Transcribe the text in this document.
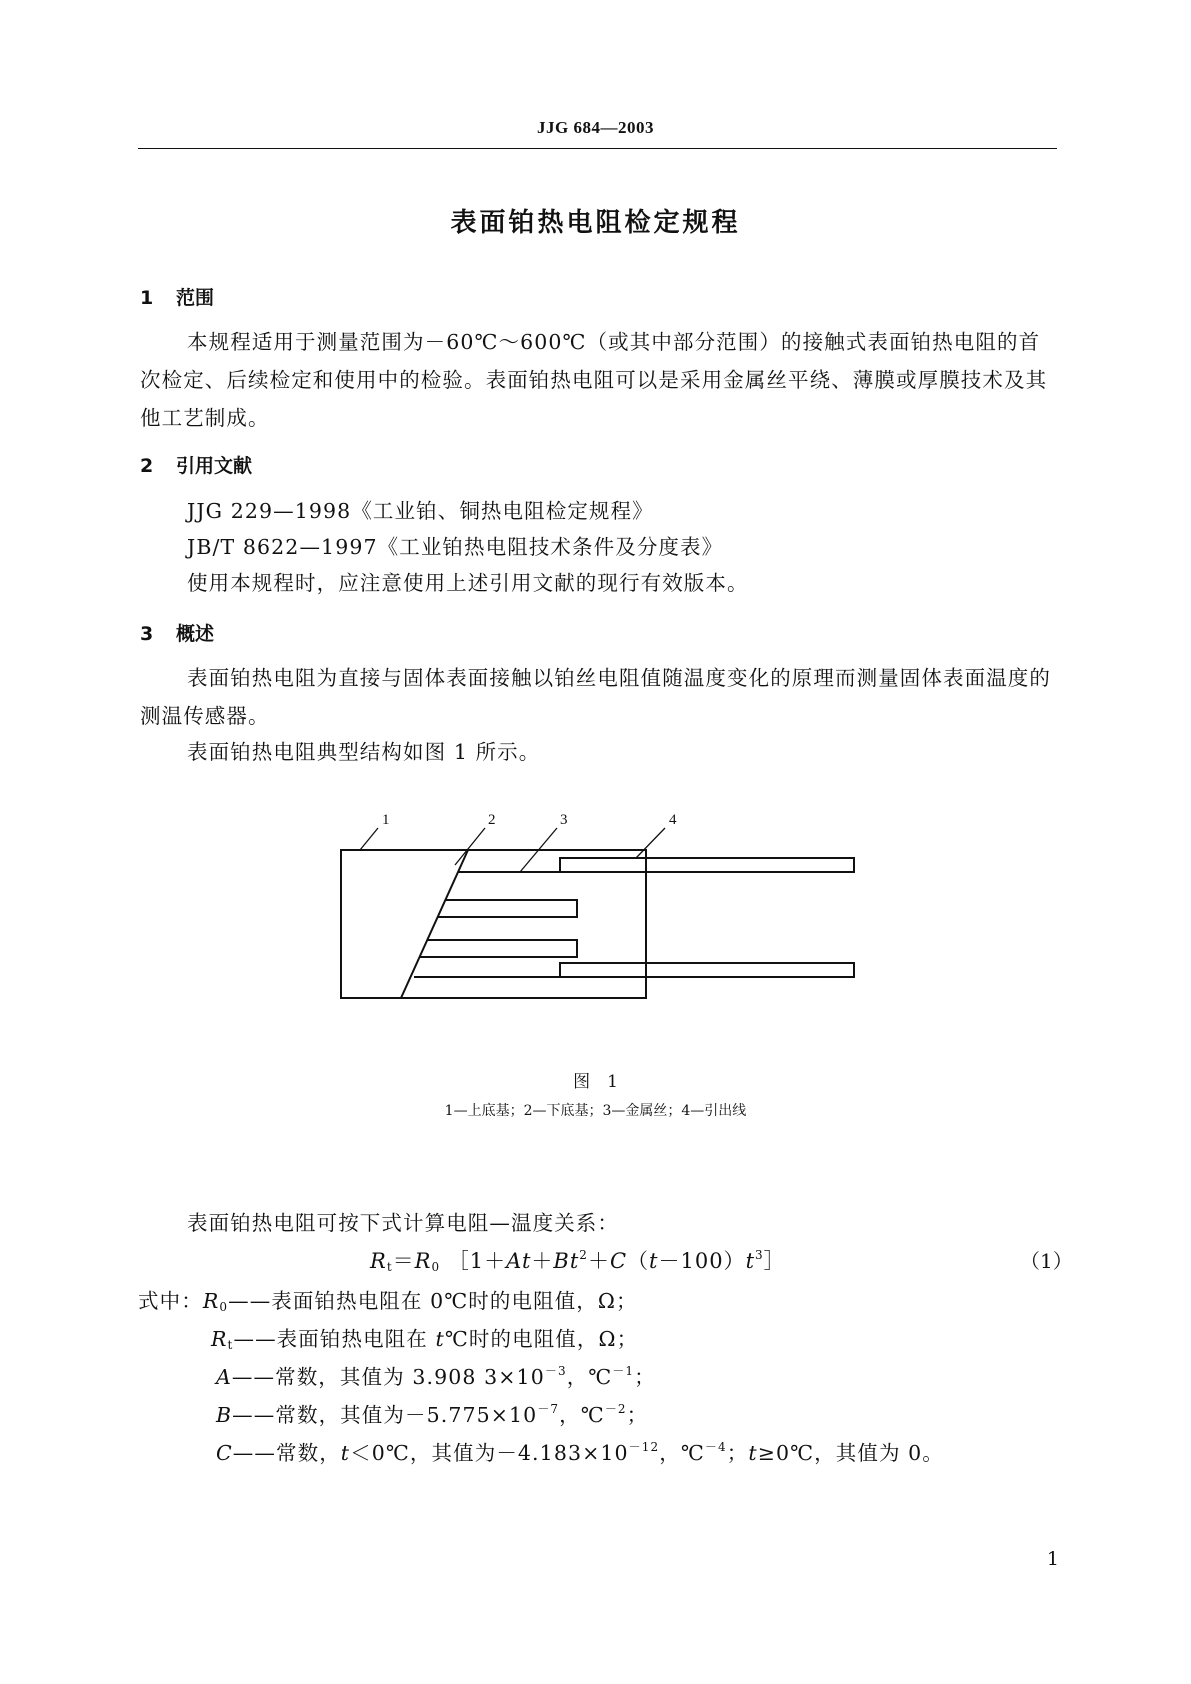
JJG 684—2003
表面铂热电阻检定规程
1 范围
本规程适用于测量范围为－60℃～600℃（或其中部分范围）的接触式表面铂热电阻的首次检定、后续检定和使用中的检验。表面铂热电阻可以是采用金属丝平绕、薄膜或厚膜技术及其他工艺制成。
2 引用文献
JJG 229—1998《工业铂、铜热电阻检定规程》
JB/T 8622—1997《工业铂热电阻技术条件及分度表》
使用本规程时，应注意使用上述引用文献的现行有效版本。
3 概述
表面铂热电阻为直接与固体表面接触以铂丝电阻值随温度变化的原理而测量固体表面温度的测温传感器。
表面铂热电阻典型结构如图 1 所示。
1	2	3	4
图　1
1—上底基；2—下底基；3—金属丝；4—引出线
表面铂热电阻可按下式计算电阻—温度关系：
$R_t=R_0$ $[1+At+Bt^2+C(t-100)t^3]$	（1）
式中：$R_0——$表面铂热电阻在 0℃时的电阻值，Ω；
$R_t——$表面铂热电阻在 t℃时的电阻值，Ω；
A——常数，其值为 3.908 $3\times 10^{-3}$，℃$^{-1}$；
B——常数，其值为$-5.775\times 10^{-7}$，℃$^{-2}$；
C——常数，t＜0℃，其值为$-4.183\times 10^{-12}$，℃$^{-4}$；t≥0℃，其值为 0。
1
